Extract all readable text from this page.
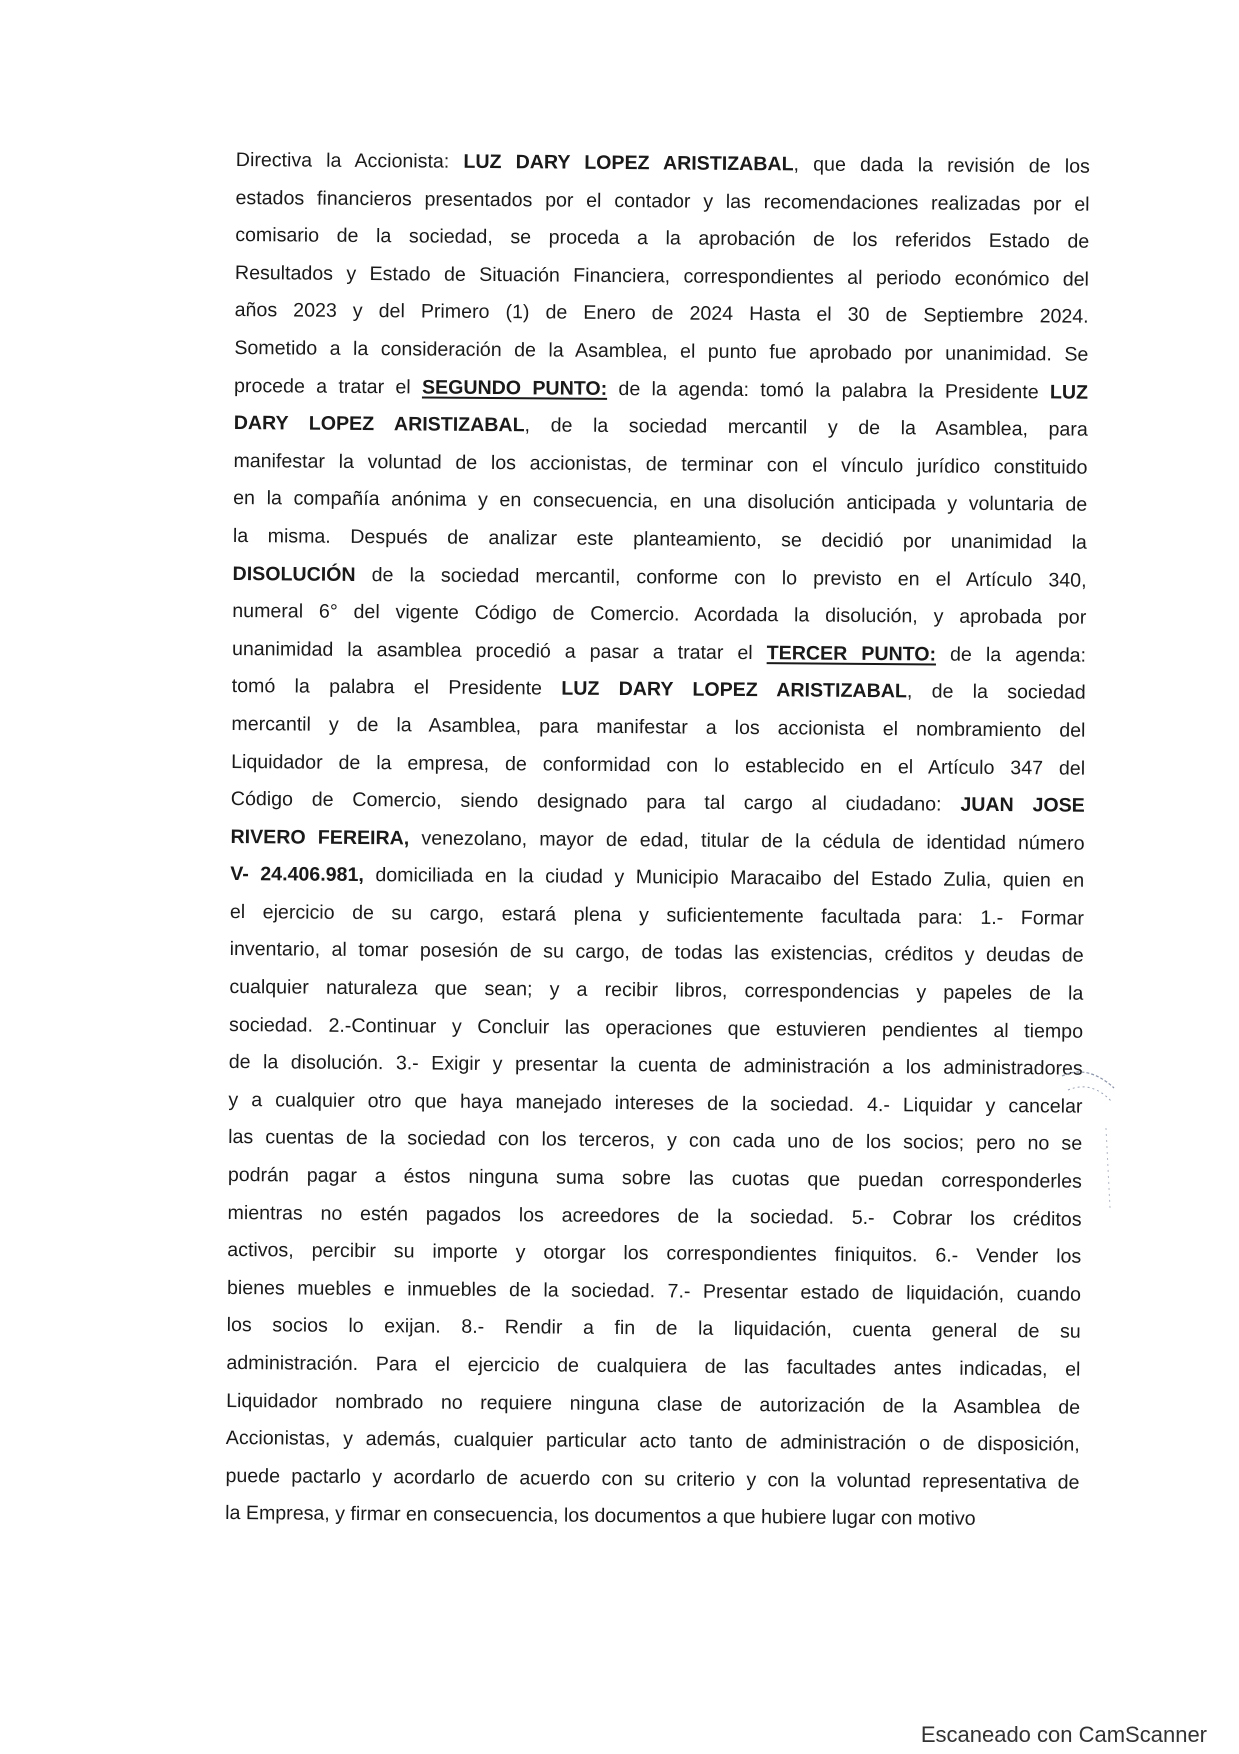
Directiva la Accionista: LUZ DARY LOPEZ ARISTIZABAL, que dada la revisión de los
estados financieros presentados por el contador y las recomendaciones realizadas por el
comisario de la sociedad, se proceda a la aprobación de los referidos Estado de
Resultados y Estado de Situación Financiera, correspondientes al periodo económico del
años 2023 y del Primero (1) de Enero de 2024 Hasta el 30 de Septiembre 2024.
Sometido a la consideración de la Asamblea, el punto fue aprobado por unanimidad. Se
procede a tratar el SEGUNDO PUNTO: de la agenda: tomó la palabra la Presidente LUZ
DARY LOPEZ ARISTIZABAL, de la sociedad mercantil y de la Asamblea, para
manifestar la voluntad de los accionistas, de terminar con el vínculo jurídico constituido
en la compañía anónima y en consecuencia, en una disolución anticipada y voluntaria de
la misma. Después de analizar este planteamiento, se decidió por unanimidad la
DISOLUCIÓN de la sociedad mercantil, conforme con lo previsto en el Artículo 340,
numeral 6° del vigente Código de Comercio. Acordada la disolución, y aprobada por
unanimidad la asamblea procedió a pasar a tratar el TERCER PUNTO: de la agenda:
tomó la palabra el Presidente LUZ DARY LOPEZ ARISTIZABAL, de la sociedad
mercantil y de la Asamblea, para manifestar a los accionista el nombramiento del
Liquidador de la empresa, de conformidad con lo establecido en el Artículo 347 del
Código de Comercio, siendo designado para tal cargo al ciudadano: JUAN JOSE
RIVERO FEREIRA, venezolano, mayor de edad, titular de la cédula de identidad número
V- 24.406.981, domiciliada en la ciudad y Municipio Maracaibo del Estado Zulia, quien en
el ejercicio de su cargo, estará plena y suficientemente facultada para: 1.- Formar
inventario, al tomar posesión de su cargo, de todas las existencias, créditos y deudas de
cualquier naturaleza que sean; y a recibir libros, correspondencias y papeles de la
sociedad. 2.-Continuar y Concluir las operaciones que estuvieren pendientes al tiempo
de la disolución. 3.- Exigir y presentar la cuenta de administración a los administradores
y a cualquier otro que haya manejado intereses de la sociedad. 4.- Liquidar y cancelar
las cuentas de la sociedad con los terceros, y con cada uno de los socios; pero no se
podrán pagar a éstos ninguna suma sobre las cuotas que puedan corresponderles
mientras no estén pagados los acreedores de la sociedad. 5.- Cobrar los créditos
activos, percibir su importe y otorgar los correspondientes finiquitos. 6.- Vender los
bienes muebles e inmuebles de la sociedad. 7.- Presentar estado de liquidación, cuando
los socios lo exijan. 8.- Rendir a fin de la liquidación, cuenta general de su
administración. Para el ejercicio de cualquiera de las facultades antes indicadas, el
Liquidador nombrado no requiere ninguna clase de autorización de la Asamblea de
Accionistas, y además, cualquier particular acto tanto de administración o de disposición,
puede pactarlo y acordarlo de acuerdo con su criterio y con la voluntad representativa de
la Empresa, y firmar en consecuencia, los documentos a que hubiere lugar con motivo
Escaneado con CamScanner
